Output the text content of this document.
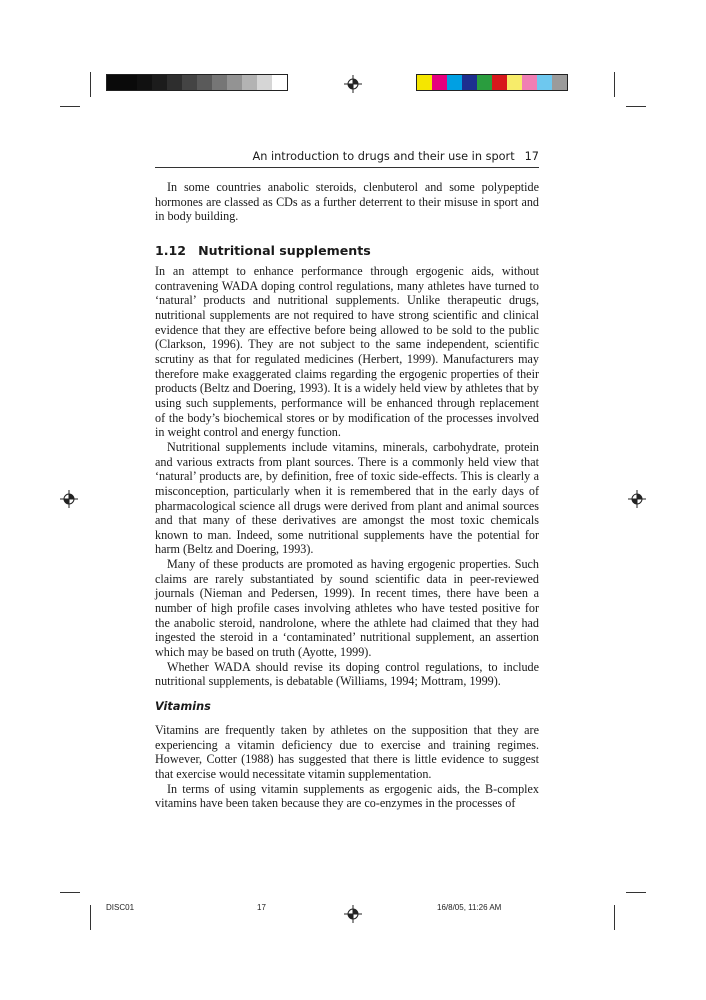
An introduction to drugs and their use in sport 17

In some countries anabolic steroids, clenbuterol and some polypeptide hormones are classed as CDs as a further deterrent to their misuse in sport and in body building.

1.12 Nutritional supplements

In an attempt to enhance performance through ergogenic aids, without contravening WADA doping control regulations, many athletes have turned to ‘natural’ products and nutritional supplements. Unlike therapeutic drugs, nutritional supplements are not required to have strong scientific and clinical evidence that they are effective before being allowed to be sold to the public (Clarkson, 1996). They are not subject to the same independent, scientific scrutiny as that for regulated medicines (Herbert, 1999). Manufacturers may therefore make exaggerated claims regarding the ergogenic properties of their products (Beltz and Doering, 1993). It is a widely held view by athletes that by using such supplements, performance will be enhanced through replacement of the body’s biochemical stores or by modification of the processes involved in weight control and energy function.

Nutritional supplements include vitamins, minerals, carbohydrate, protein and various extracts from plant sources. There is a commonly held view that ‘natural’ products are, by definition, free of toxic side-effects. This is clearly a misconception, particularly when it is remembered that in the early days of pharmacological science all drugs were derived from plant and animal sources and that many of these derivatives are amongst the most toxic chemicals known to man. Indeed, some nutritional supplements have the potential for harm (Beltz and Doering, 1993).

Many of these products are promoted as having ergogenic properties. Such claims are rarely substantiated by sound scientific data in peer-reviewed journals (Nieman and Pedersen, 1999). In recent times, there have been a number of high profile cases involving athletes who have tested positive for the anabolic steroid, nandrolone, where the athlete had claimed that they had ingested the steroid in a ‘contaminated’ nutritional supplement, an assertion which may be based on truth (Ayotte, 1999).

Whether WADA should revise its doping control regulations, to include nutritional supplements, is debatable (Williams, 1994; Mottram, 1999).

Vitamins

Vitamins are frequently taken by athletes on the supposition that they are experiencing a vitamin deficiency due to exercise and training regimes. However, Cotter (1988) has suggested that there is little evidence to suggest that exercise would necessitate vitamin supplementation.

In terms of using vitamin supplements as ergogenic aids, the B-complex vitamins have been taken because they are co-enzymes in the processes of

DISC01	17	16/8/05, 11:26 AM
